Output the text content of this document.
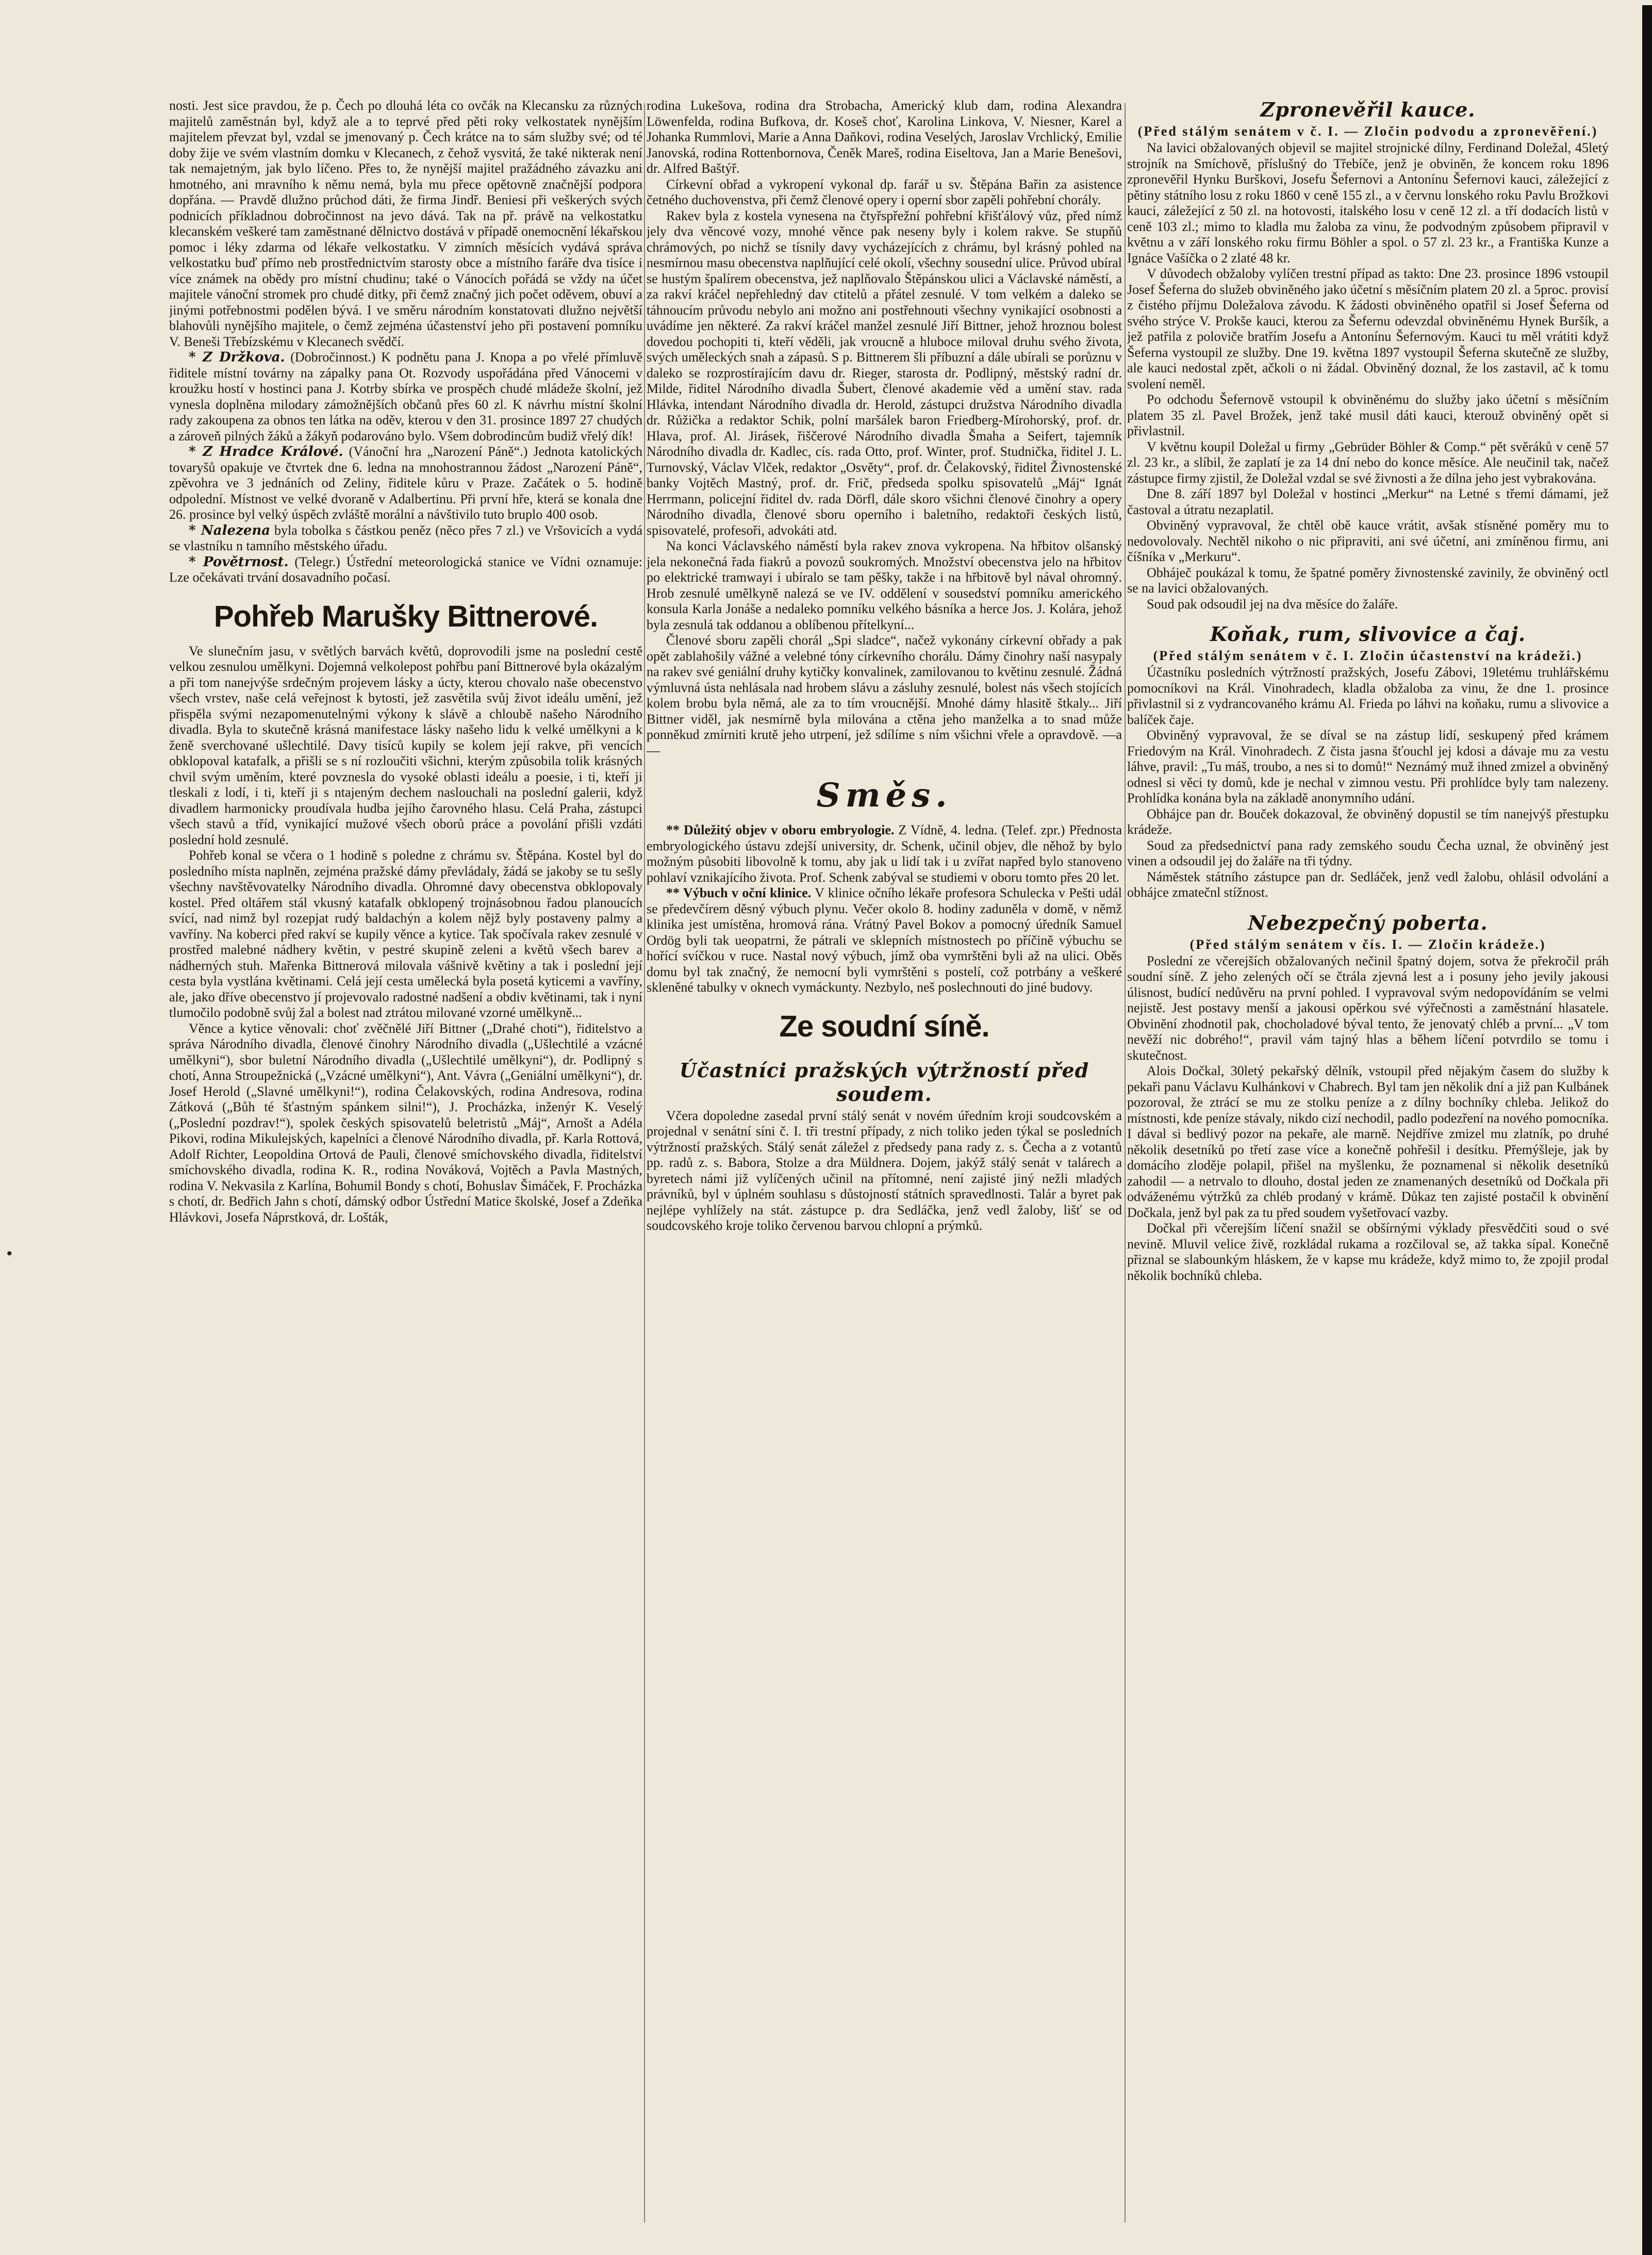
nosti. Jest sice pravdou, že p. Čech po dlouhá léta co ovčák na Klecansku za různých majitelů zaměstnán byl, když ale a to teprvé před pěti roky velkostatek nynějším majitelem převzat byl, vzdal se jmenovaný p. Čech krátce na to sám služby své; od té doby žije ve svém vlastním domku v Klecanech, z čehož vysvitá, že také nikterak není tak nemajetným, jak bylo líčeno. Přes to, že nynější majitel pražádného závazku ani hmotného, ani mravního k němu nemá, byla mu přece opětovně značnější podpora dopřána. — Pravdě dlužno průchod dáti, že firma Jindř. Beniesi při veškerých svých podnicích příkladnou dobročinnost na jevo dává. Tak na př. právě na velkostatku klecanském veškeré tam zaměstnané dělnictvo dostává v případě onemocnění lékařskou pomoc i léky zdarma od lékaře velkostatku. V zimních měsících vydává správa velkostatku buď přímo neb prostřednictvím starosty obce a místního faráře dva tisíce i více známek na obědy pro místní chudinu; také o Vánocích pořádá se vždy na účet majitele vánoční stromek pro chudé ditky, při čemž značný jich počet oděvem, obuví a jinými potřebnostmi podělen bývá. I ve směru národním konstatovati dlužno největší blahovůli nynějšího majitele, o čemž zejména účastenství jeho při postavení pomníku V. Beneši Třebízskému v Klecanech svědčí.

* Z Držkova. (Dobročinnost.) K podnětu pana J. Knopa a po vřelé přímluvě řiditele místní továrny na zápalky pana Ot. Rozvody uspořádána před Vánocemi v kroužku hostí v hostinci pana J. Kotrby sbírka ve prospěch chudé mládeže školní, jež vynesla doplněna milodary zámožnějších občanů přes 60 zl. K návrhu místní školní rady zakoupena za obnos ten látka na oděv, kterou v den 31. prosince 1897 27 chudých a zároveň pilných žáků a žákyň podarováno bylo. Všem dobrodincům budiž vřelý dík!

* Z Hradce Králové. (Vánoční hra „Narození Páně“.) Jednota katolických tovaryšů opakuje ve čtvrtek dne 6. ledna na mnohostrannou žádost „Narození Páně“, zpěvohra ve 3 jednáních od Zeliny, řiditele kůru v Praze. Začátek o 5. hodině odpolední. Místnost ve velké dvoraně v Adalbertinu. Při první hře, která se konala dne 26. prosince byl velký úspěch zvláště morální a návštivilo tuto bruplo 400 osob.

* Nalezena byla tobolka s částkou peněz (něco přes 7 zl.) ve Vršovicích a vydá se vlastníku n tamního městského úřadu.

* Povětrnost. (Telegr.) Ústřední meteorologická stanice ve Vídni oznamuje: Lze očekávati trvání dosavadního počasí.

Pohřeb Marušky Bittnerové.

Ve slunečním jasu, v světlých barvách květů, doprovodili jsme na poslední cestě velkou zesnulou umělkyni. Dojemná velkolepost pohřbu paní Bittnerové byla okázalým a při tom nanejvýše srdečným projevem lásky a úcty, kterou chovalo naše obecenstvo všech vrstev, naše celá veřejnost k bytosti, jež zasvětila svůj život ideálu umění, jež přispěla svými nezapomenutelnými výkony k slávě a chloubě našeho Národního divadla. Byla to skutečně krásná manifestace lásky našeho lidu k velké umělkyni a k ženě sverchované ušlechtilé. Davy tisíců kupily se kolem její rakve, při vencích obklopoval katafalk, a přišli se s ní rozloučiti všichni, kterým způsobila tolik krásných chvil svým uměním, které povznesla do vysoké oblasti ideálu a poesie, i ti, kteří ji tleskali z lodí, i ti, kteří ji s ntajeným dechem naslouchali na poslední galerii, když divadlem harmonicky proudívala hudba jejího čarovného hlasu. Celá Praha, zástupci všech stavů a tříd, vynikající mužové všech oborů práce a povolání přišli vzdáti poslední hold zesnulé.

Pohřeb konal se včera o 1 hodině s poledne z chrámu sv. Štěpána. Kostel byl do posledního místa naplněn, zejména pražské dámy převládaly, žádá se jakoby se tu sešly všechny navštěvovatelky Národního divadla. Ohromné davy obecenstva obklopovaly kostel. Před oltářem stál vkusný katafalk obklopený trojnásobnou řadou planoucích svící, nad nimž byl rozepjat rudý baldachýn a kolem nějž byly postaveny palmy a vavříny. Na koberci před rakví se kupily věnce a kytice. Tak spočívala rakev zesnulé v prostřed malebné nádhery květin, v pestré skupině zeleni a květů všech barev a nádherných stuh. Mařenka Bittnerová milovala vášnivě květiny a tak i poslední její cesta byla vystlána květinami. Celá její cesta umělecká byla posetá kyticemi a vavříny, ale, jako dříve obecenstvo jí projevovalo radostné nadšení a obdiv květinami, tak i nyní tlumočilo podobně svůj žal a bolest nad ztrátou milované vzorné umělkyně...

Věnce a kytice věnovali: choť zvěčnělé Jiří Bittner („Drahé choti“), řiditelstvo a správa Národního divadla, členové činohry Národního divadla („Ušlechtilé a vzácné umělkyni“), sbor buletní Národního divadla („Ušlechtilé umělkyni“), dr. Podlipný s chotí, Anna Stroupežnická („Vzácné umělkyni“), Ant. Vávra („Geniální umělkyni“), dr. Josef Herold („Slavné umělkyni!“), rodina Čelakovských, rodina Andresova, rodina Zátková („Bůh té šťastným spánkem silni!“), J. Procházka, inženýr K. Veselý („Poslední pozdrav!“), spolek českých spisovatelů beletristů „Máj“, Arnošt a Adéla Pikovi, rodina Mikulejských, kapelníci a členové Národního divadla, př. Karla Rottová, Adolf Richter, Leopoldina Ortová de Pauli, členové smíchovského divadla, řiditelství smíchovského divadla, rodina K. R., rodina Nováková, Vojtěch a Pavla Mastných, rodina V. Nekvasila z Karlína, Bohumil Bondy s chotí, Bohuslav Šimáček, F. Procházka s chotí, dr. Bedřich Jahn s chotí, dámský odbor Ústřední Matice školské, Josef a Zdeňka Hlávkovi, Josefa Náprstková, dr. Lošták,

rodina Lukešova, rodina dra Strobacha, Americký klub dam, rodina Alexandra Löwenfelda, rodina Bufkova, dr. Koseš choť, Karolina Linkova, V. Niesner, Karel a Johanka Rummlovi, Marie a Anna Daňkovi, rodina Veselých, Jaroslav Vrchlický, Emilie Janovská, rodina Rottenbornova, Čeněk Mareš, rodina Eiseltova, Jan a Marie Benešovi, dr. Alfred Baštýř.

Církevní obřad a vykropení vykonal dp. farář u sv. Štěpána Bařin za asistence četného duchovenstva, při čemž členové opery i operní sbor zapěli pohřební chorály.

Rakev byla z kostela vynesena na čtyřspřežní pohřební křišťálový vůz, před nímž jely dva věncové vozy, mnohé věnce pak neseny byly i kolem rakve. Se stupňů chrámových, po nichž se tísnily davy vycházejících z chrámu, byl krásný pohled na nesmírnou masu obecenstva naplňující celé okolí, všechny sousední ulice. Průvod ubíral se hustým špalírem obecenstva, jež naplňovalo Štěpánskou ulici a Václavské náměstí, a za rakví kráčel nepřehledný dav ctitelů a přátel zesnulé. V tom velkém a daleko se táhnoucím průvodu nebylo ani možno ani postřehnouti všechny vynikající osobnosti a uvádíme jen některé. Za rakví kráčel manžel zesnulé Jiří Bittner, jehož hroznou bolest dovedou pochopiti ti, kteří věděli, jak vroucně a hluboce miloval druhu svého života, svých uměleckých snah a zápasů. S p. Bittnerem šli příbuzní a dále ubírali se porůznu v daleko se rozprostírajícím davu dr. Rieger, starosta dr. Podlipný, městský radní dr. Milde, řiditel Národního divadla Šubert, členové akademie věd a umění stav. rada Hlávka, intendant Národního divadla dr. Herold, zástupci družstva Národního divadla dr. Růžička a redaktor Schik, polní maršálek baron Friedberg-Mírohorský, prof. dr. Hlava, prof. Al. Jirásek, řiščerové Národního divadla Šmaha a Seifert, tajemník Národního divadla dr. Kadlec, cís. rada Otto, prof. Winter, prof. Studnička, řiditel J. L. Turnovský, Václav Vlček, redaktor „Osvěty“, prof. dr. Čelakovský, řiditel Živnostenské banky Vojtěch Mastný, prof. dr. Frič, předseda spolku spisovatelů „Máj“ Ignát Herrmann, policejní řiditel dv. rada Dörfl, dále skoro všichni členové činohry a opery Národního divadla, členové sboru operního i baletního, redaktoři českých listů, spisovatelé, profesoři, advokáti atd.

Na konci Václavského náměstí byla rakev znova vykropena. Na hřbitov olšanský jela nekonečná řada fiakrů a povozů soukromých. Množství obecenstva jelo na hřbitov po elektrické tramwayi i ubíralo se tam pěšky, takže i na hřbitově byl nával ohromný. Hrob zesnulé umělkyně nalezá se ve IV. oddělení v sousedství pomníku amerického konsula Karla Jonáše a nedaleko pomníku velkého básníka a herce Jos. J. Kolára, jehož byla zesnulá tak oddanou a oblíbenou přítelkyní...

Členové sboru zapěli chorál „Spi sladce“, načež vykonány církevní obřady a pak opět zablahošily vážné a velebné tóny církevního chorálu. Dámy činohry naší nasypaly na rakev své geniální druhy kytičky konvalinek, zamilovanou to květinu zesnulé. Žádná výmluvná ústa nehlásala nad hrobem slávu a zásluhy zesnulé, bolest nás všech stojících kolem brobu byla němá, ale za to tím vroucnější. Mnohé dámy hlasitě štkaly... Jiří Bittner viděl, jak nesmírně byla milována a ctěna jeho manželka a to snad může ponněkud zmírniti krutě jeho utrpení, jež sdílíme s ním všichni vřele a opravdově. —a—

Směs.

** Důležitý objev v oboru embryologie. Z Vídně, 4. ledna. (Telef. zpr.) Přednosta embryologického ústavu zdejší university, dr. Schenk, učinil objev, dle něhož by bylo možným působiti libovolně k tomu, aby jak u lidí tak i u zvířat napřed bylo stanoveno pohlaví vznikajícího života. Prof. Schenk zabýval se studiemi v oboru tomto přes 20 let.

** Výbuch v oční klinice. V klinice očního lékaře profesora Schulecka v Pešti udál se předevčírem děsný výbuch plynu. Večer okolo 8. hodiny zaduněla v domě, v němž klinika jest umístěna, hromová rána. Vrátný Pavel Bokov a pomocný úředník Samuel Ordög byli tak ueopatrni, že pátrali ve sklepních místnostech po příčině výbuchu se hořící svíčkou v ruce. Nastal nový výbuch, jímž oba vymrštěni byli až na ulici. Oběs domu byl tak značný, že nemocní byli vymrštěni s postelí, což potrbány a veškeré skleněné tabulky v oknech vymáckunty. Nezbylo, neš poslechnouti do jiné budovy.

Ze soudní síně.
Účastníci pražských výtržností před soudem.

Včera dopoledne zasedal první stálý senát v novém úředním kroji soudcovském a projednal v senátní síni č. I. tři trestní případy, z nich toliko jeden týkal se posledních výtržností pražských. Stálý senát záležel z předsedy pana rady z. s. Čecha a z votantů pp. radů z. s. Babora, Stolze a dra Müldnera. Dojem, jakýž stálý senát v talárech a byretech námi již vylíčených učinil na přítomné, není zajisté jiný nežli mladých právníků, byl v úplném souhlasu s důstojností státních spravedlnosti. Talár a byret pak nejlépe vyhlížely na stát. zástupce p. dra Sedláčka, jenž vedl žaloby, lišť se od soudcovského kroje toliko červenou barvou chlopní a prýmků.

Zpronevěřil kauce.

(Před stálým senátem v č. I. — Zločin podvodu a zpronevěření.)

Na lavici obžalovaných objevil se majitel strojnické dílny, Ferdinand Doležal, 45letý strojník na Smíchově, příslušný do Třebíče, jenž je obviněn, že koncem roku 1896 zpronevěřil Hynku Burškovi, Josefu Šefernovi a Antonínu Šefernovi kauci, záležející z pětiny státního losu z roku 1860 v ceně 155 zl., a v červnu lonského roku Pavlu Brožkovi kauci, záležející z 50 zl. na hotovosti, italského losu v ceně 12 zl. a tří dodacích listů v ceně 103 zl.; mimo to kladla mu žaloba za vinu, že podvodným způsobem připravil v květnu a v září lonského roku firmu Böhler a spol. o 57 zl. 23 kr., a Františka Kunze a Ignáce Vašíčka o 2 zlaté 48 kr.

V důvodech obžaloby vylíčen trestní případ as takto: Dne 23. prosince 1896 vstoupil Josef Šeferna do služeb obviněného jako účetní s měsíčním platem 20 zl. a 5proc. provisí z čistého příjmu Doležalova závodu. K žádosti obviněného opatřil si Josef Šeferna od svého strýce V. Prokše kauci, kterou za Šefernu odevzdal obviněnému Hynek Buršík, a jež patřila z poloviče bratřím Josefu a Antonínu Šefernovým. Kauci tu měl vrátiti když Šeferna vystoupil ze služby. Dne 19. května 1897 vystoupil Šeferna skutečně ze služby, ale kauci nedostal zpět, ačkoli o ni žádal. Obviněný doznal, že los zastavil, ač k tomu svolení neměl.

Po odchodu Šefernově vstoupil k obviněnému do služby jako účetní s měsíčním platem 35 zl. Pavel Brožek, jenž také musil dáti kauci, kterouž obviněný opět si přivlastnil.

V květnu koupil Doležal u firmy „Gebrüder Böhler & Comp.“ pět svěráků v ceně 57 zl. 23 kr., a slíbil, že zaplatí je za 14 dní nebo do konce měsíce. Ale neučinil tak, načež zástupce firmy zjistil, že Doležal vzdal se své živnosti a že dílna jeho jest vybrakována.

Dne 8. září 1897 byl Doležal v hostinci „Merkur“ na Letné s třemi dámami, jež častoval a útratu nezaplatil.

Obviněný vypravoval, že chtěl obě kauce vrátit, avšak stísněné poměry mu to nedovolovaly. Nechtěl nikoho o nic připraviti, ani své účetní, ani zmíněnou firmu, ani číšníka v „Merkuru“.

Obháječ poukázal k tomu, že špatné poměry živnostenské zavinily, že obviněný octl se na lavici obžalovaných.

Soud pak odsoudil jej na dva měsíce do žaláře.

Koňak, rum, slivovice a čaj.

(Před stálým senátem v č. I. Zločin účastenství na krádeži.)

Účastníku posledních výtržností pražských, Josefu Zábovi, 19letému truhlářskému pomocníkovi na Král. Vinohradech, kladla obžaloba za vinu, že dne 1. prosince přivlastnil si z vydrancovaného krámu Al. Frieda po láhvi na koňaku, rumu a slivovice a balíček čaje.

Obviněný vypravoval, že se díval se na zástup lidí, seskupený před krámem Friedovým na Král. Vinohradech. Z čista jasna šťouchl jej kdosi a dávaje mu za vestu láhve, pravil: „Tu máš, troubo, a nes si to domů!“ Neznámý muž ihned zmizel a obviněný odnesl si věci ty domů, kde je nechal v zimnou vestu. Při prohlídce byly tam nalezeny. Prohlídka konána byla na základě anonymního udání.

Obhájce pan dr. Bouček dokazoval, že obviněný dopustil se tím nanejvýš přestupku krádeže.

Soud za předsednictví pana rady zemského soudu Čecha uznal, že obviněný jest vinen a odsoudil jej do žaláře na tři týdny.

Náměstek státního zástupce pan dr. Sedláček, jenž vedl žalobu, ohlásil odvolání a obhájce zmatečnl stížnost.

Nebezpečný poberta.

(Před stálým senátem v čís. I. — Zločin krádeže.)

Poslední ze včerejších obžalovaných nečinil špatný dojem, sotva že překročil práh soudní síně. Z jeho zelených očí se čtrála zjevná lest a i posuny jeho jevily jakousi úlisnost, budící nedůvěru na první pohled. I vypravoval svým nedopovídáním se velmi nejistě. Jest postavy menší a jakousi opěrkou své výřečnosti a zaměstnání hlasatele. Obvinění zhodnotil pak, chocholadové býval tento, že jenovatý chléb a první... „V tom nevěží nic dobrého!“, pravil vám tajný hlas a během líčení potvrdilo se tomu i skutečnost.

Alois Dočkal, 30letý pekařský dělník, vstoupil před nějakým časem do služby k pekaři panu Václavu Kulhánkovi v Chabrech. Byl tam jen několik dní a již pan Kulbánek pozoroval, že ztrácí se mu ze stolku peníze a z dílny bochníky chleba. Jelikož do místnosti, kde peníze stávaly, nikdo cizí nechodil, padlo podezření na nového pomocníka. I dával si bedlivý pozor na pekaře, ale marně. Nejdříve zmizel mu zlatník, po druhé několik desetníků po třetí zase více a konečně pohřešil i desítku. Přemýšleje, jak by domácího zloděje polapil, přišel na myšlenku, že poznamenal si několik desetníků zahodil — a netrvalo to dlouho, dostal jeden ze znamenaných desetníků od Dočkala při odváženému výtržků za chléb prodaný v krámě. Důkaz ten zajisté postačil k obvinění Dočkala, jenž byl pak za tu před soudem vyšetřovací vazby.

Dočkal při včerejším líčení snažil se obšírnými výklady přesvědčiti soud o své nevině. Mluvil velice živě, rozkládal rukama a rozčiloval se, až takka sípal. Konečně přiznal se slabounkým hláskem, že v kapse mu krádeže, když mimo to, že zpojil prodal několik bochníků chleba.

•
